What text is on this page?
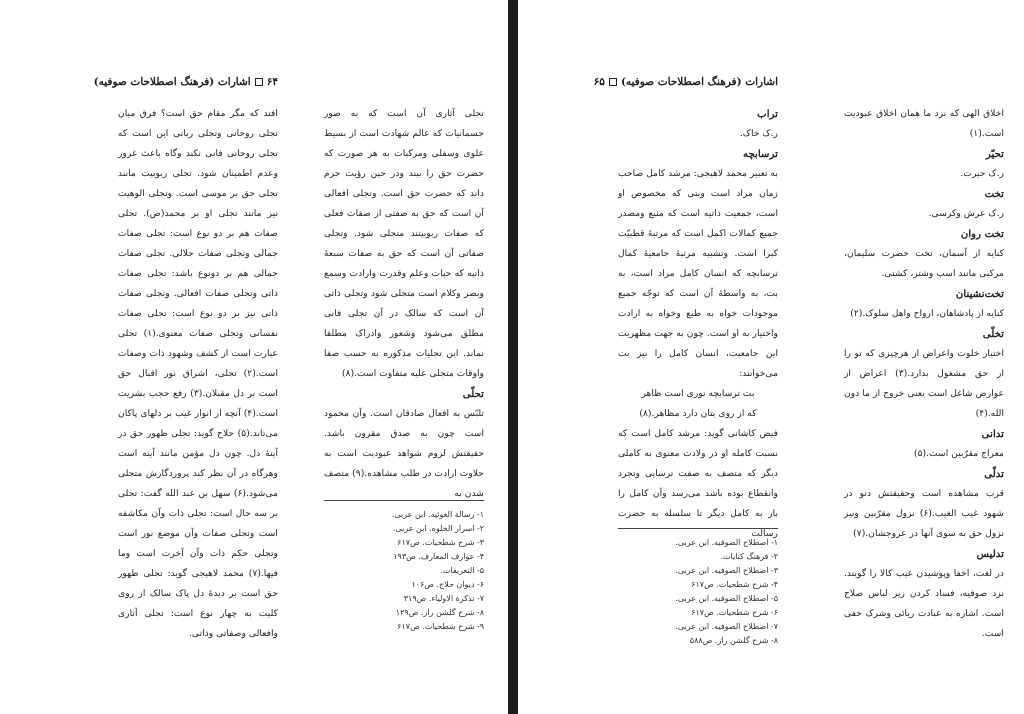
۶۴
اشارات (فرهنگ اصطلاحات صوفیه)

افتد که مگر مقام حق است؟ فرق میان تجلی روحانی وتجلی ربانی این است که تجلی روحانی فانی نکند وگاه باعث غرور وعدم اطمینان شود. تجلی ربوبیت مانند تجلی حق بر موسی است. وتجلی الوهیت نیز مانند تجلی او بر محمد(ص). تجلی صفات هم بر دو نوع است: تجلی صفات جمالی وتجلی صفات جلالی. تجلی صفات جمالی هم بر دونوع باشد: تجلی صفات ذاتی وتجلی صفات افعالی. وتجلی صفات ذاتی نیز بر دو نوع است: تجلی صفات نفسانی وتجلی صفات معنوی.(۱) تجلی عبارت است از کشف وشهود ذات وصفات است.(۲) تجلی، اشراق نور اقبال حق است بر دل مقبلان.(۳) رفع حجب بشریت است.(۴) آنچه از انوار غیب بر دلهای پاکان می‌تابد.(۵) حلاج گوید: تجلی ظهور حق در آینهٔ دل. چون دل مؤمن مانند آینه است وهرگاه در آن نظر کند پروردگارش متجلی می‌شود.(۶) سهل بن عبد الله گفت: تجلی بر سه حال است: تجلی ذات وآن مکاشفه است وتجلی صفات وآن موضع نور است وتجلی حکم ذات وآن آخرت است وما فیها.(۷) محمد لاهیجی گوید: تجلی ظهور حق است بر دیدهٔ دل پاک سالک از روی کلیت به چهار نوع است: تجلی آثاری وافعالی وصفاتی وذاتی.

تجلی آثاری آن است که به صور جسمانیات که عالم شهادت است از بسیط علوی وسفلی ومرکبات به هر صورت که حضرت حق را بیند ودر حین رؤیت جزم داند که حضرت حق است. وتجلی افعالی آن است که حق به صفتی از صفات فعلی که صفات ربوبیتند متجلی شود. وتجلی صفاتی آن است که حق به صفات سبعهٔ ذاتیه که حیات وعلم وقدرت وارادت وسمع وبصر وکلام است متجلی شود وتجلی ذاتی آن است که سالک در آن تجلی فانی مطلق می‌شود وشعور وادراک مطلقا نماند. این تجلیات مذکوره به حسب صفا واوقات متجلی علیه متفاوت است.(۸)

تحلّی

تلبّس به افعال صادقان است. وآن محمود است چون به صدق مقرون باشد. حقیقتش لزوم شواهد عبودیت است به حلاوت ارادت در طلب مشاهده.(۹) متصف شدن به

۱- رسالة الغوثیه. ابن عربی.
۲- اسرار الخلوه. ابن عربی.
۳- شرح شطحیات. ص۶۱۷
۴- عوارف المعارف. ص۱۹۳
۵- التعریفات.
۶- دیوان حلاج. ص۱۰۶
۷- تذکرة الاولیاء. ص۳۱۹
۸- شرح گلشن راز. ص۱۲۹
۹- شرح شطحیات. ص۶۱۷
اشارات (فرهنگ اصطلاحات صوفیه)
۶۵

اخلاق الهی که نزد ما همان اخلاق عبودیت است.(۱)

تحیّر

ر.ک حیرت.

تخت

ر.ک عرش وکرسی.

تخت روان

کنایه از آسمان، تخت حضرت سلیمان، مرکبی مانند اسب وشتر، کشتی.

تخت‌نشینان

کنایه از پادشاهان، ارواح واهل سلوک.(۲)

تخلّی

اختیار خلوت واعراض از هرچیزی که تو را از حق مشغول بدارد.(۳) اعراض از عوارض شاغل است یعنی خروج از ما دون الله.(۴)

تدانی

معراج مقرّبین است.(۵)

تدلّی

قرب مشاهده است وحقیقتش دنو در شهود غیب الغیب.(۶) نزول مقرّبین ونیز نزول حق به سوی آنها در عروجشان.(۷)

تدلیس

در لغت، اخفا وپوشیدن عیب کالا را گویند. نزد صوفیه، فساد کردن زیر لباس صلاح است. اشاره به عبادت ریائی وشرک خفی است.

تراب

ر.ک خاک.

ترسابچه

به تعبیر محمد لاهیجی: مرشد کامل صاحب زمان مراد است وبتی که مخصوص او است، جمعیت ذاتیه است که منبع ومصدر جمیع کمالات اکمل است که مرتبهٔ قطبیّت کبرا است. وتشبیه مرتبهٔ جامعیهٔ کمال ترسابچه که انسان کامل مراد است، به بت، به واسطهٔ آن است که توجّه جمیع موجودات خواه به طبع وخواه به ارادت واختیار به او است. چون به جهت مظهریت این جامعیت، انسان کامل را نیز بت می‌خوانند:

بت ترسابچه نوری است ظاهر

که از روی بتان دارد مظاهر.(۸)

فیض کاشانی گوید: مرشد کامل است که نسبت کامله او در ولادت معنوی به کاملی دیگر که متصف به صفت ترسایی وتجرد وانقطاع بوده باشد می‌رسد وآن کامل را باز به کامل دیگر تا سلسله به حضرت رسالت

۱- اصطلاح الصوفیه. ابن عربی.
۲- فرهنگ کنایات.
۳- اصطلاح الصوفیه. ابن عربی.
۴- شرح شطحیات. ص۶۱۷
۵- اصطلاح الصوفیه. ابن عربی.
۶- شرح شطحیات. ص۶۱۷
۷- اصطلاح الصوفیه. ابن عربی.
۸- شرح گلشن راز. ص۵۸۸
